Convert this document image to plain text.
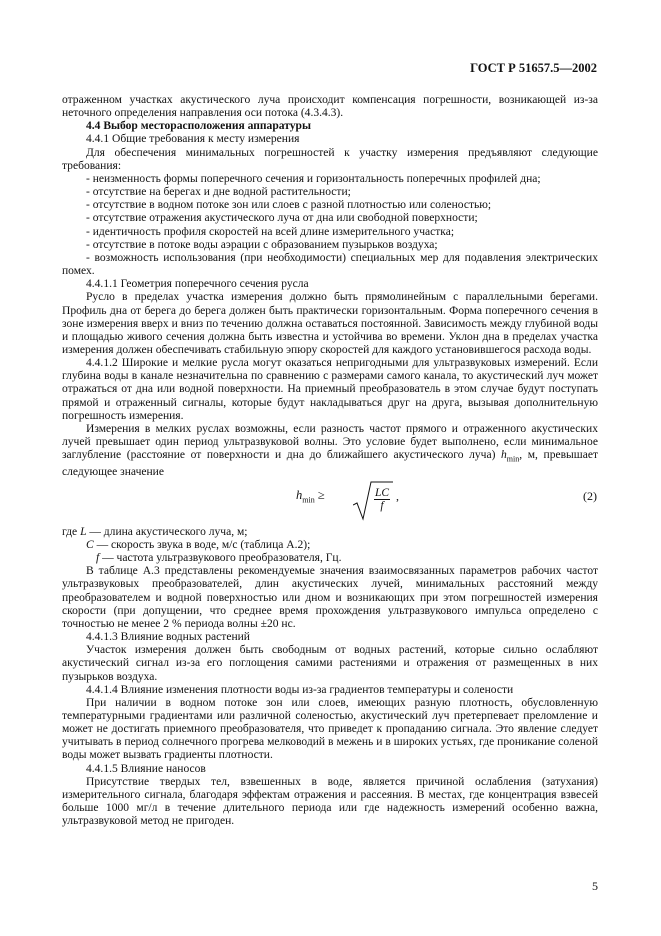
ГОСТ Р 51657.5—2002

отраженном участках акустического луча происходит компенсация погрешности, возникающей из-за неточного определения направления оси потока (4.3.4.3).

4.4 Выбор месторасположения аппаратуры

4.4.1 Общие требования к месту измерения

Для обеспечения минимальных погрешностей к участку измерения предъявляют следующие требования:

- неизменность формы поперечного сечения и горизонтальность поперечных профилей дна;

- отсутствие на берегах и дне водной растительности;

- отсутствие в водном потоке зон или слоев с разной плотностью или соленостью;

- отсутствие отражения акустического луча от дна или свободной поверхности;

- идентичность профиля скоростей на всей длине измерительного участка;

- отсутствие в потоке воды аэрации с образованием пузырьков воздуха;

- возможность использования (при необходимости) специальных мер для подавления электрических помех.

4.4.1.1 Геометрия поперечного сечения русла

Русло в пределах участка измерения должно быть прямолинейным с параллельными берегами. Профиль дна от берега до берега должен быть практически горизонтальным. Форма поперечного сечения в зоне измерения вверх и вниз по течению должна оставаться постоянной. Зависимость между глубиной воды и площадью живого сечения должна быть известна и устойчива во времени. Уклон дна в пределах участка измерения должен обеспечивать стабильную эпюру скоростей для каждого установившегося расхода воды.

4.4.1.2 Широкие и мелкие русла могут оказаться непригодными для ультразвуковых измерений. Если глубина воды в канале незначительна по сравнению с размерами самого канала, то акустический луч может отражаться от дна или водной поверхности. На приемный преобразователь в этом случае будут поступать прямой и отраженный сигналы, которые будут накладываться друг на друга, вызывая дополнительную погрешность измерения.

Измерения в мелких руслах возможны, если разность частот прямого и отраженного акустических лучей превышает один период ультразвуковой волны. Это условие будет выполнено, если минимальное заглубление (расстояние от поверхности и дна до ближайшего акустического луча) $h_{min}$, м, превышает следующее значение

$h_{min}$ ≥	$\frac{LC}{f}$ ,	(2)

где L — длина акустического луча, м;

C — скорость звука в воде, м/с (таблица А.2);

f — частота ультразвукового преобразователя, Гц.

В таблице А.3 представлены рекомендуемые значения взаимосвязанных параметров рабочих частот ультразвуковых преобразователей, длин акустических лучей, минимальных расстояний между преобразователем и водной поверхностью или дном и возникающих при этом погрешностей измерения скорости (при допущении, что среднее время прохождения ультразвукового импульса определено с точностью не менее 2 % периода волны ±20 нс.

4.4.1.3 Влияние водных растений

Участок измерения должен быть свободным от водных растений, которые сильно ослабляют акустический сигнал из-за его поглощения самими растениями и отражения от размещенных в них пузырьков воздуха.

4.4.1.4 Влияние изменения плотности воды из-за градиентов температуры и солености

При наличии в водном потоке зон или слоев, имеющих разную плотность, обусловленную температурными градиентами или различной соленостью, акустический луч претерпевает преломление и может не достигать приемного преобразователя, что приведет к пропаданию сигнала. Это явление следует учитывать в период солнечного прогрева мелководий в межень и в широких устьях, где проникание соленой воды может вызвать градиенты плотности.

4.4.1.5 Влияние наносов

Присутствие твердых тел, взвешенных в воде, является причиной ослабления (затухания) измерительного сигнала, благодаря эффектам отражения и рассеяния. В местах, где концентрация взвесей больше 1000 мг/л в течение длительного периода или где надежность измерений особенно важна, ультразвуковой метод не пригоден.

5
